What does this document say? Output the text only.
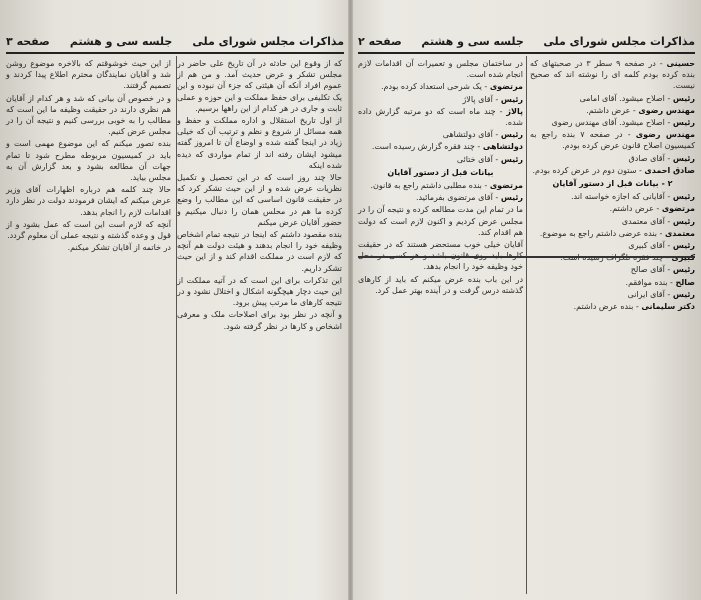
مذاکرات مجلس شورای ملی
جلسه سی و هشتم
صفحه ۳

که از وقوع این حادثه در آن تاریخ علی حاضر در مجلس تشکر و عرض حدیث آمد. و من هم از عموم افراد آنکه آن هیئتی که جزء آن نبوده و این یک تکلیفی برای حفظ مملکت و این حوزه و عملی ثابت و جاری در هر کدام از این راهها برسیم.

از اول تاریخ استقلال و اداره مملکت و حفظ و همه مسائل از شروع و نظم و ترتیب آن که خیلی زیاد در اینجا گفته شده و اوضاع آن تا امروز گفته میشود ایشان رفته اند از تمام مواردی که دیده شده اینکه

حالا چند روز است که در این تحصیل و تکمیل نظریات عرض شده و از این حیث تشکر کرد که در حقیقت قانون اساسی که این مطالب را وضع کرده ما هم در محلس همان را دنبال میکنیم و حضور آقایان عرض میکنم

بنده مقصود داشتم که اینجا در نتیجه تمام اشخاص وظیفه خود را انجام بدهند و هیئت دولت هم آنچه که لازم است در مملکت اقدام کند و از این حیث تشکر داریم.

این تذکرات برای این است که در آتیه مملکت از این حیث دچار هیچگونه اشکال و اختلال نشود و در نتیجه کارهای ما مرتب پیش برود.

و آنچه در نظر بود برای اصلاحات ملک و معرفی اشخاص و کارها در نظر گرفته شود.

از این حیث خوشوقتم که بالاخره موضوع روشن شد و آقایان نمایندگان محترم اطلاع پیدا کردند و تصمیم گرفتند.

و در خصوص آن بیانی که شد و هر کدام از آقایان هم نظری دارند در حقیقت وظیفه ما این است که مطالب را به خوبی بررسی کنیم و نتیجه آن را در مجلس عرض کنیم.

بنده تصور میکنم که این موضوع مهمی است و باید در کمیسیون مربوطه مطرح شود تا تمام جهات آن مطالعه بشود و بعد گزارش آن به مجلس بیاید.

حالا چند کلمه هم درباره اظهارات آقای وزیر عرض میکنم که ایشان فرمودند دولت در نظر دارد اقدامات لازم را انجام بدهد.

آنچه که لازم است این است که عمل بشود و از قول و وعده گذشته و نتیجه عملی آن معلوم گردد.

در خاتمه از آقایان تشکر میکنم.

مذاکرات مجلس شورای ملی
جلسه سی و هشتم
صفحه ۲

حسینی - در صفحه ۹ سطر ۳ در صحبتهای که بنده کرده بودم کلمه ای را نوشته اند که صحیح نیست.

رئیس - اصلاح میشود. آقای امامی

مهندس رضوی - عرض داشتم.

رئیس - اصلاح میشود. آقای مهندس رضوی

مهندس رضوی - در صفحه ۷ بنده راجع به کمیسیون اصلاح قانون عرض کرده بودم.

رئیس - آقای صادق

صادق احمدی - ستون دوم در عرض کرده بودم.

۲ - بیانات قبل از دستور آقایان

رئیس - آقایانی که اجازه خواسته اند.

مرتضوی - عرض داشتم.

رئیس - آقای معتمدی

معتمدی - بنده عرضی داشتم راجع به موضوع.

رئیس - آقای کبیری

رئیس - آقای صالح

صالح - بنده موافقم.

رئیس - آقای ایرانی

دکتر سلیمانی - بنده عرض داشتم.

در ساختمان مجلس و تعمیرات آن اقدامات لازم انجام شده است.

مرتضوی - یک شرحی استعداد کرده بودم.

رئیس - آقای پالاژ

پالاژ - چند ماه است که دو مرتبه گزارش داده شده.

رئیس - آقای دولتشاهی

دولتشاهی - چند فقره گزارش رسیده است.

رئیس - آقای ختائی

بیانات قبل از دستور آقایان

مرتضوی - بنده مطلبی داشتم راجع به قانون.

رئیس - آقای مرتضوی بفرمائید.

ما در تمام این مدت مطالعه کرده و نتیجه آن را در مجلس عرض کردیم و اکنون لازم است که دولت هم اقدام کند.

آقایان خیلی خوب مستحضر هستند که در حقیقت خود وظیفه خود را انجام بدهد.

در این باب بنده عرض میکنم که باید از کارهای گذشته درس گرفت و در آینده بهتر عمل کرد.
